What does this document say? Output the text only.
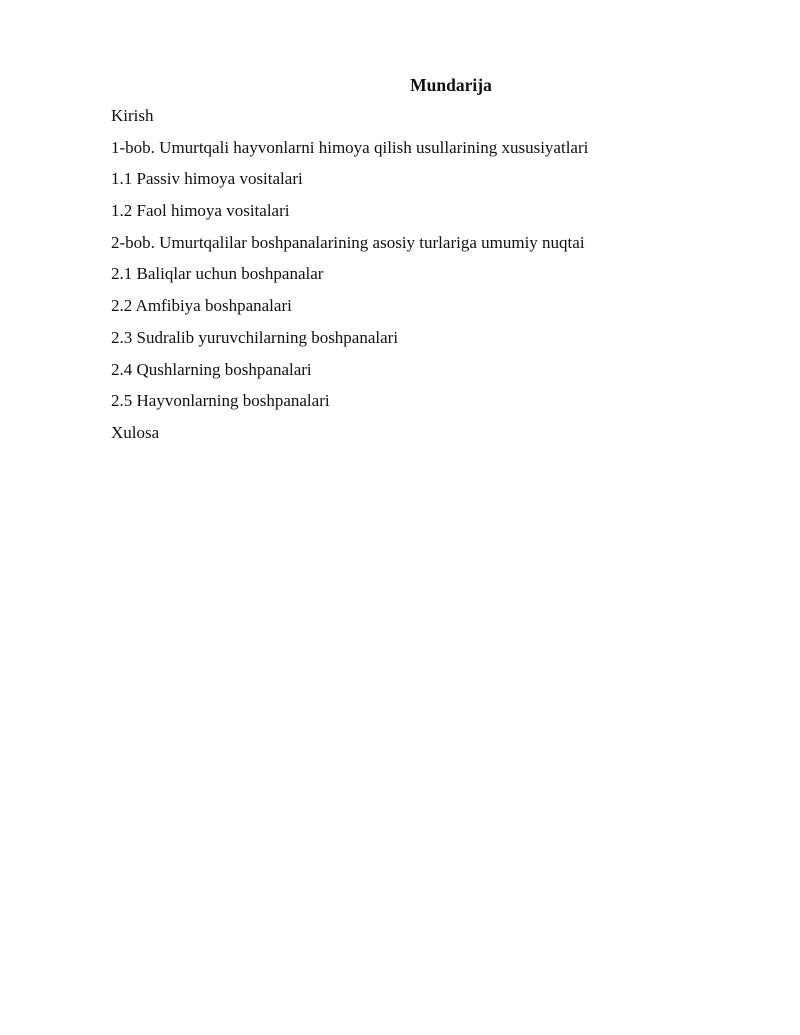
Mundarija
Kirish
1-bob. Umurtqali hayvonlarni himoya qilish usullarining xususiyatlari
1.1 Passiv himoya vositalari
1.2 Faol himoya vositalari
2-bob. Umurtqalilar boshpanalarining asosiy turlariga umumiy nuqtai
2.1 Baliqlar uchun boshpanalar
2.2 Amfibiya boshpanalari
2.3 Sudralib yuruvchilarning boshpanalari
2.4 Qushlarning boshpanalari
2.5 Hayvonlarning boshpanalari
Xulosa
